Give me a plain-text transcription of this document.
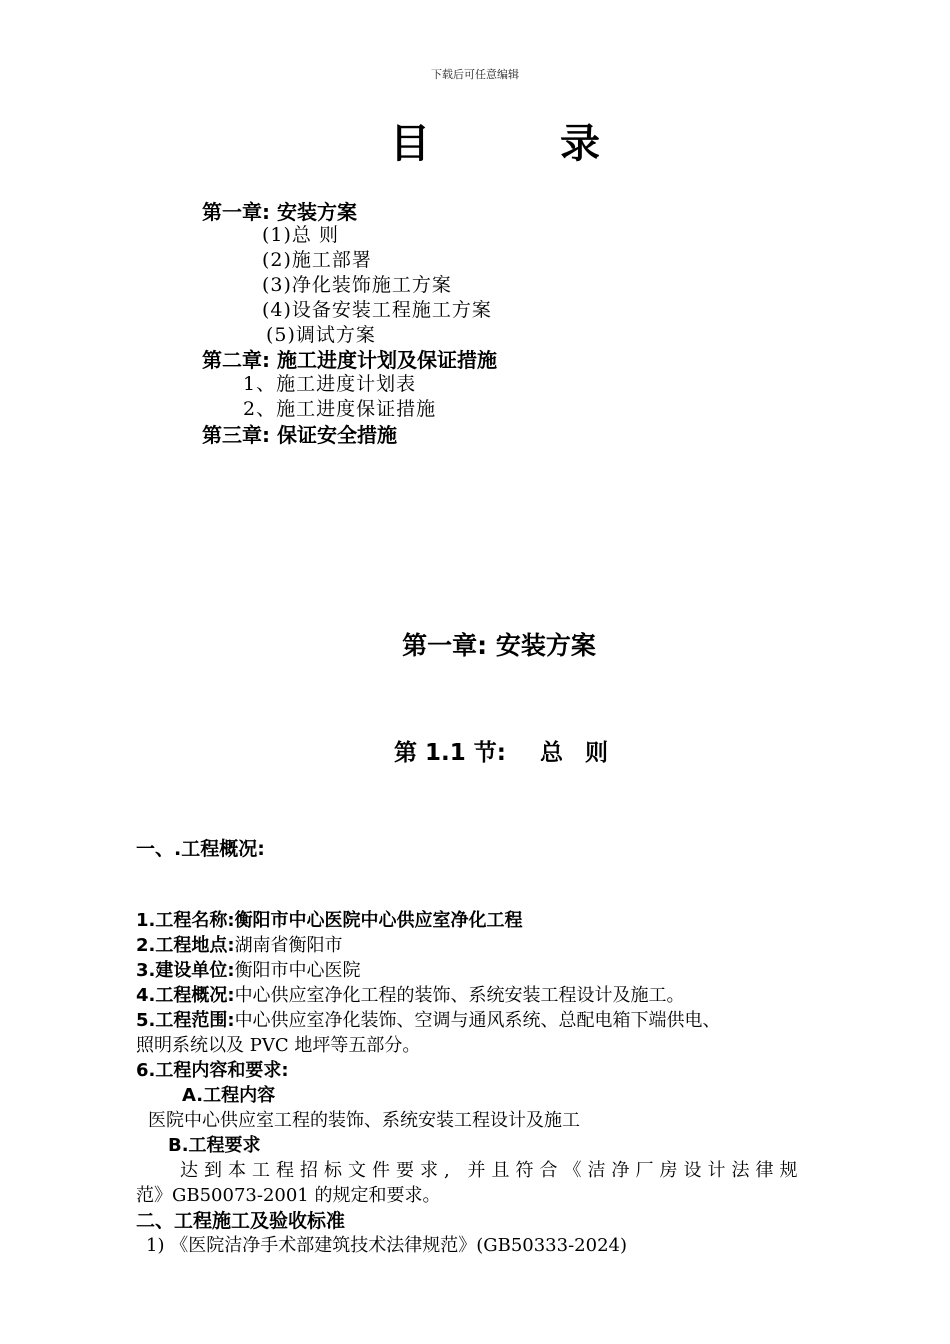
下载后可任意编辑
目	录
第一章: 安装方案
(1)总 则
(2)施工部署
(3)净化装饰施工方案
(4)设备安装工程施工方案
(5)调试方案
第二章: 施工进度计划及保证措施
1、施工进度计划表
2、施工进度保证措施
第三章: 保证安全措施
第一章: 安装方案
第 1.1 节: 总 则
一、.工程概况:
1.工程名称:衡阳市中心医院中心供应室净化工程
2.工程地点:湖南省衡阳市
3.建设单位:衡阳市中心医院
4.工程概况:中心供应室净化工程的装饰、系统安装工程设计及施工。
5.工程范围:中心供应室净化装饰、空调与通风系统、总配电箱下端供电、
照明系统以及 PVC 地坪等五部分。
6.工程内容和要求:
A.工程内容
医院中心供应室工程的装饰、系统安装工程设计及施工
B.工程要求
达到本工程招标文件要求, 并且符合《洁净厂房设计法律规
范》GB50073-2001 的规定和要求。
二、工程施工及验收标准
1) 《医院洁净手术部建筑技术法律规范》(GB50333-2024)
